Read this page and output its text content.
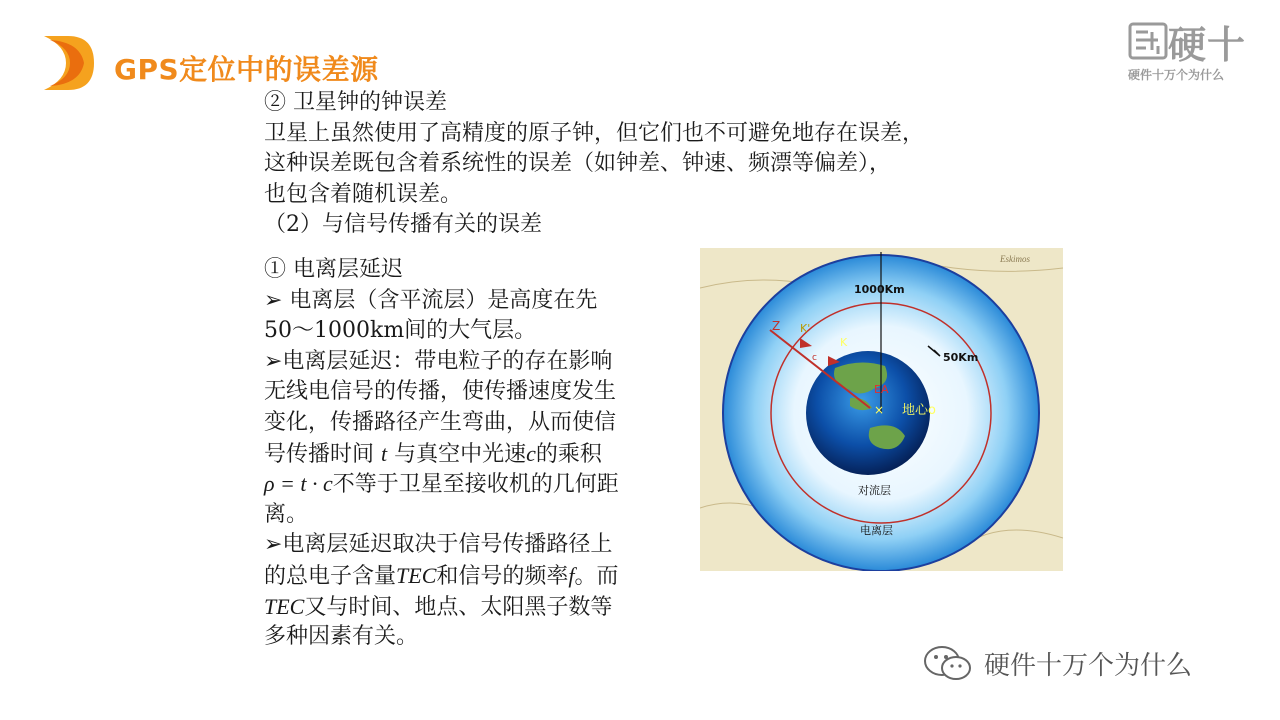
GPS定位中的误差源
硬十
硬件十万个为什么
② 卫星钟的钟误差
卫星上虽然使用了高精度的原子钟，但它们也不可避免地存在误差，
这种误差既包含着系统性的误差（如钟差、钟速、频漂等偏差），
也包含着随机误差。
（2）与信号传播有关的误差
① 电离层延迟
➢ 电离层（含平流层）是高度在先
50～1000km间的大气层。
➢电离层延迟：带电粒子的存在影响
无线电信号的传播，使传播速度发生
变化，传播路径产生弯曲，从而使信
号传播时间 t 与真空中光速c的乘积
ρ = t · c不等于卫星至接收机的几何距
离。
➢电离层延迟取决于信号传播路径上
的总电子含量TEC和信号的频率f。而
TEC又与时间、地点、太阳黑子数等
多种因素有关。
Eskimos
1000Km
50Km
Z K'
K
c
EA
× 地心o
对流层
电离层
硬件十万个为什么
